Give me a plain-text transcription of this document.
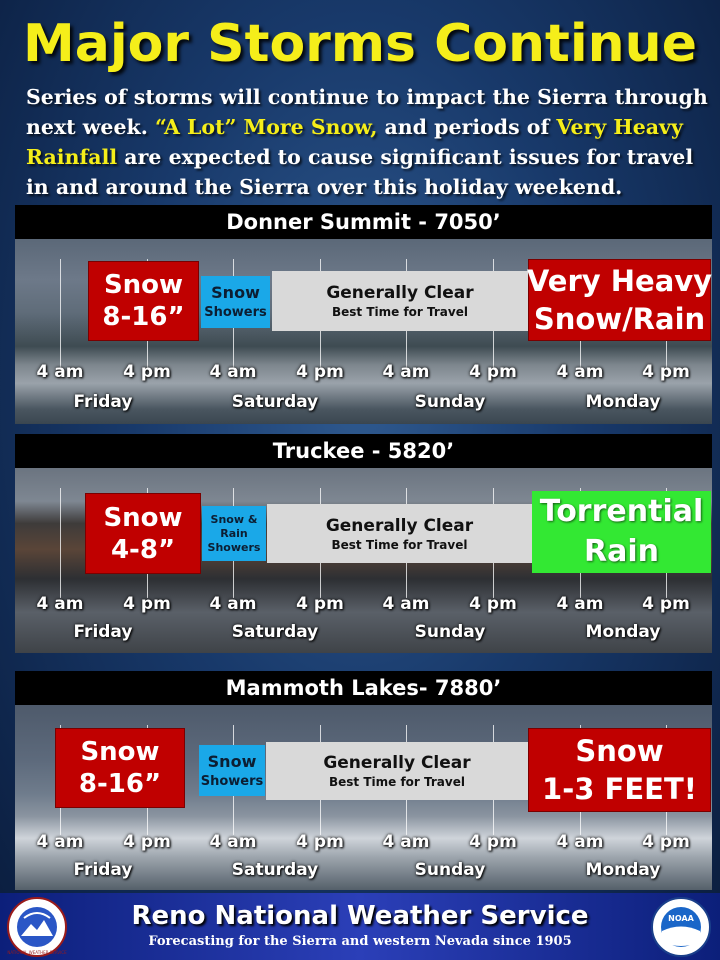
Major Storms Continue
Series of storms will continue to impact the Sierra through next week. “A Lot” More Snow, and periods of Very Heavy Rainfall are expected to cause significant issues for travel in and around the Sierra over this holiday weekend.
Donner Summit - 7050’
Snow
8-16”
Snow
Showers
Generally Clear
Best Time for Travel
Very Heavy
Snow/Rain
4 am	4 pm	4 am	4 pm	4 am	4 pm	4 am	4 pm
Friday	Saturday	Sunday	Monday
Truckee - 5820’
Snow
4-8”
Snow &
Rain
Showers
Generally Clear
Best Time for Travel
Torrential
Rain
4 am	4 pm	4 am	4 pm	4 am	4 pm	4 am	4 pm
Friday	Saturday	Sunday	Monday
Mammoth Lakes- 7880’
Snow
8-16”
Snow
Showers
Generally Clear
Best Time for Travel
Snow
1-3 FEET!
4 am	4 pm	4 am	4 pm	4 am	4 pm	4 am	4 pm
Friday	Saturday	Sunday	Monday
Reno National Weather Service
Forecasting for the Sierra and western Nevada since 1905
NATIONAL WEATHER SERVICE
NOAA
